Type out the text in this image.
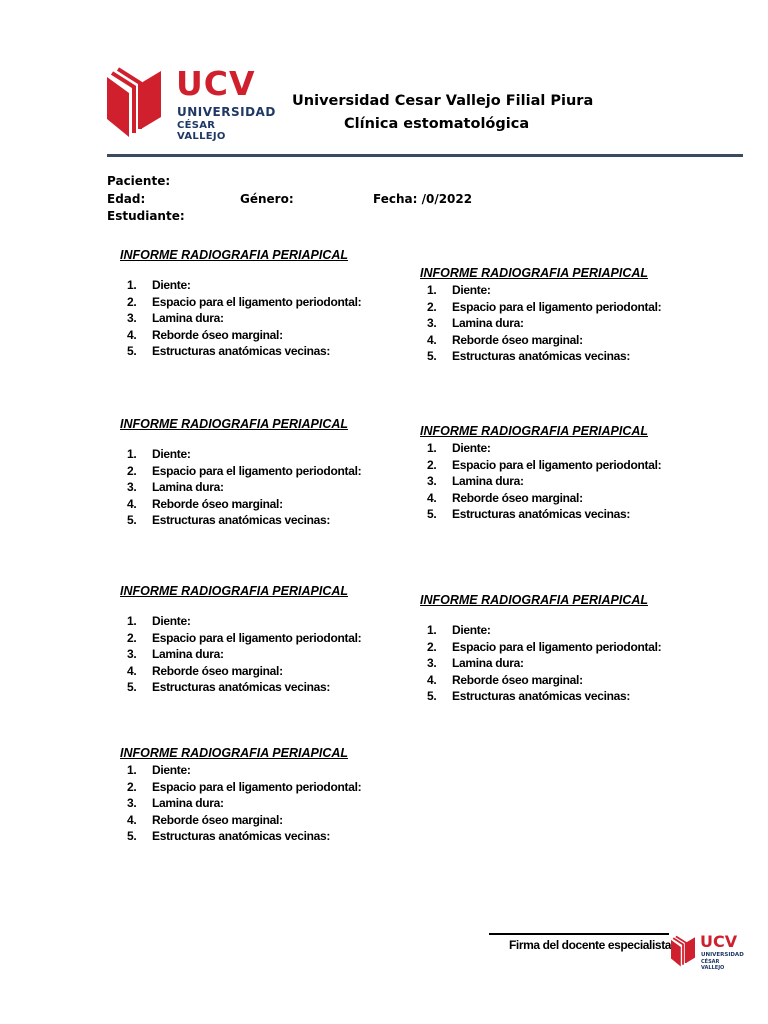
UCV
UNIVERSIDAD
CÉSAR VALLEJO
Universidad Cesar Vallejo Filial Piura
Clínica estomatológica
Paciente:
Edad:	Género:	Fecha: /0/2022
Estudiante:
INFORME RADIOGRAFIA PERIAPICAL
1. Diente:
2. Espacio para el ligamento periodontal:
3. Lamina dura:
4. Reborde óseo marginal:
5. Estructuras anatómicas vecinas:
INFORME RADIOGRAFIA PERIAPICAL
1. Diente:
2. Espacio para el ligamento periodontal:
3. Lamina dura:
4. Reborde óseo marginal:
5. Estructuras anatómicas vecinas:
INFORME RADIOGRAFIA PERIAPICAL
1. Diente:
2. Espacio para el ligamento periodontal:
3. Lamina dura:
4. Reborde óseo marginal:
5. Estructuras anatómicas vecinas:
INFORME RADIOGRAFIA PERIAPICAL
1. Diente:
2. Espacio para el ligamento periodontal:
3. Lamina dura:
4. Reborde óseo marginal:
5. Estructuras anatómicas vecinas:
INFORME RADIOGRAFIA PERIAPICAL
1. Diente:
2. Espacio para el ligamento periodontal:
3. Lamina dura:
4. Reborde óseo marginal:
5. Estructuras anatómicas vecinas:
INFORME RADIOGRAFIA PERIAPICAL
1. Diente:
2. Espacio para el ligamento periodontal:
3. Lamina dura:
4. Reborde óseo marginal:
5. Estructuras anatómicas vecinas:
INFORME RADIOGRAFIA PERIAPICAL
1. Diente:
2. Espacio para el ligamento periodontal:
3. Lamina dura:
4. Reborde óseo marginal:
5. Estructuras anatómicas vecinas:
Firma del docente especialista UCV
UNIVERSIDAD
CÉSAR VALLEJO
